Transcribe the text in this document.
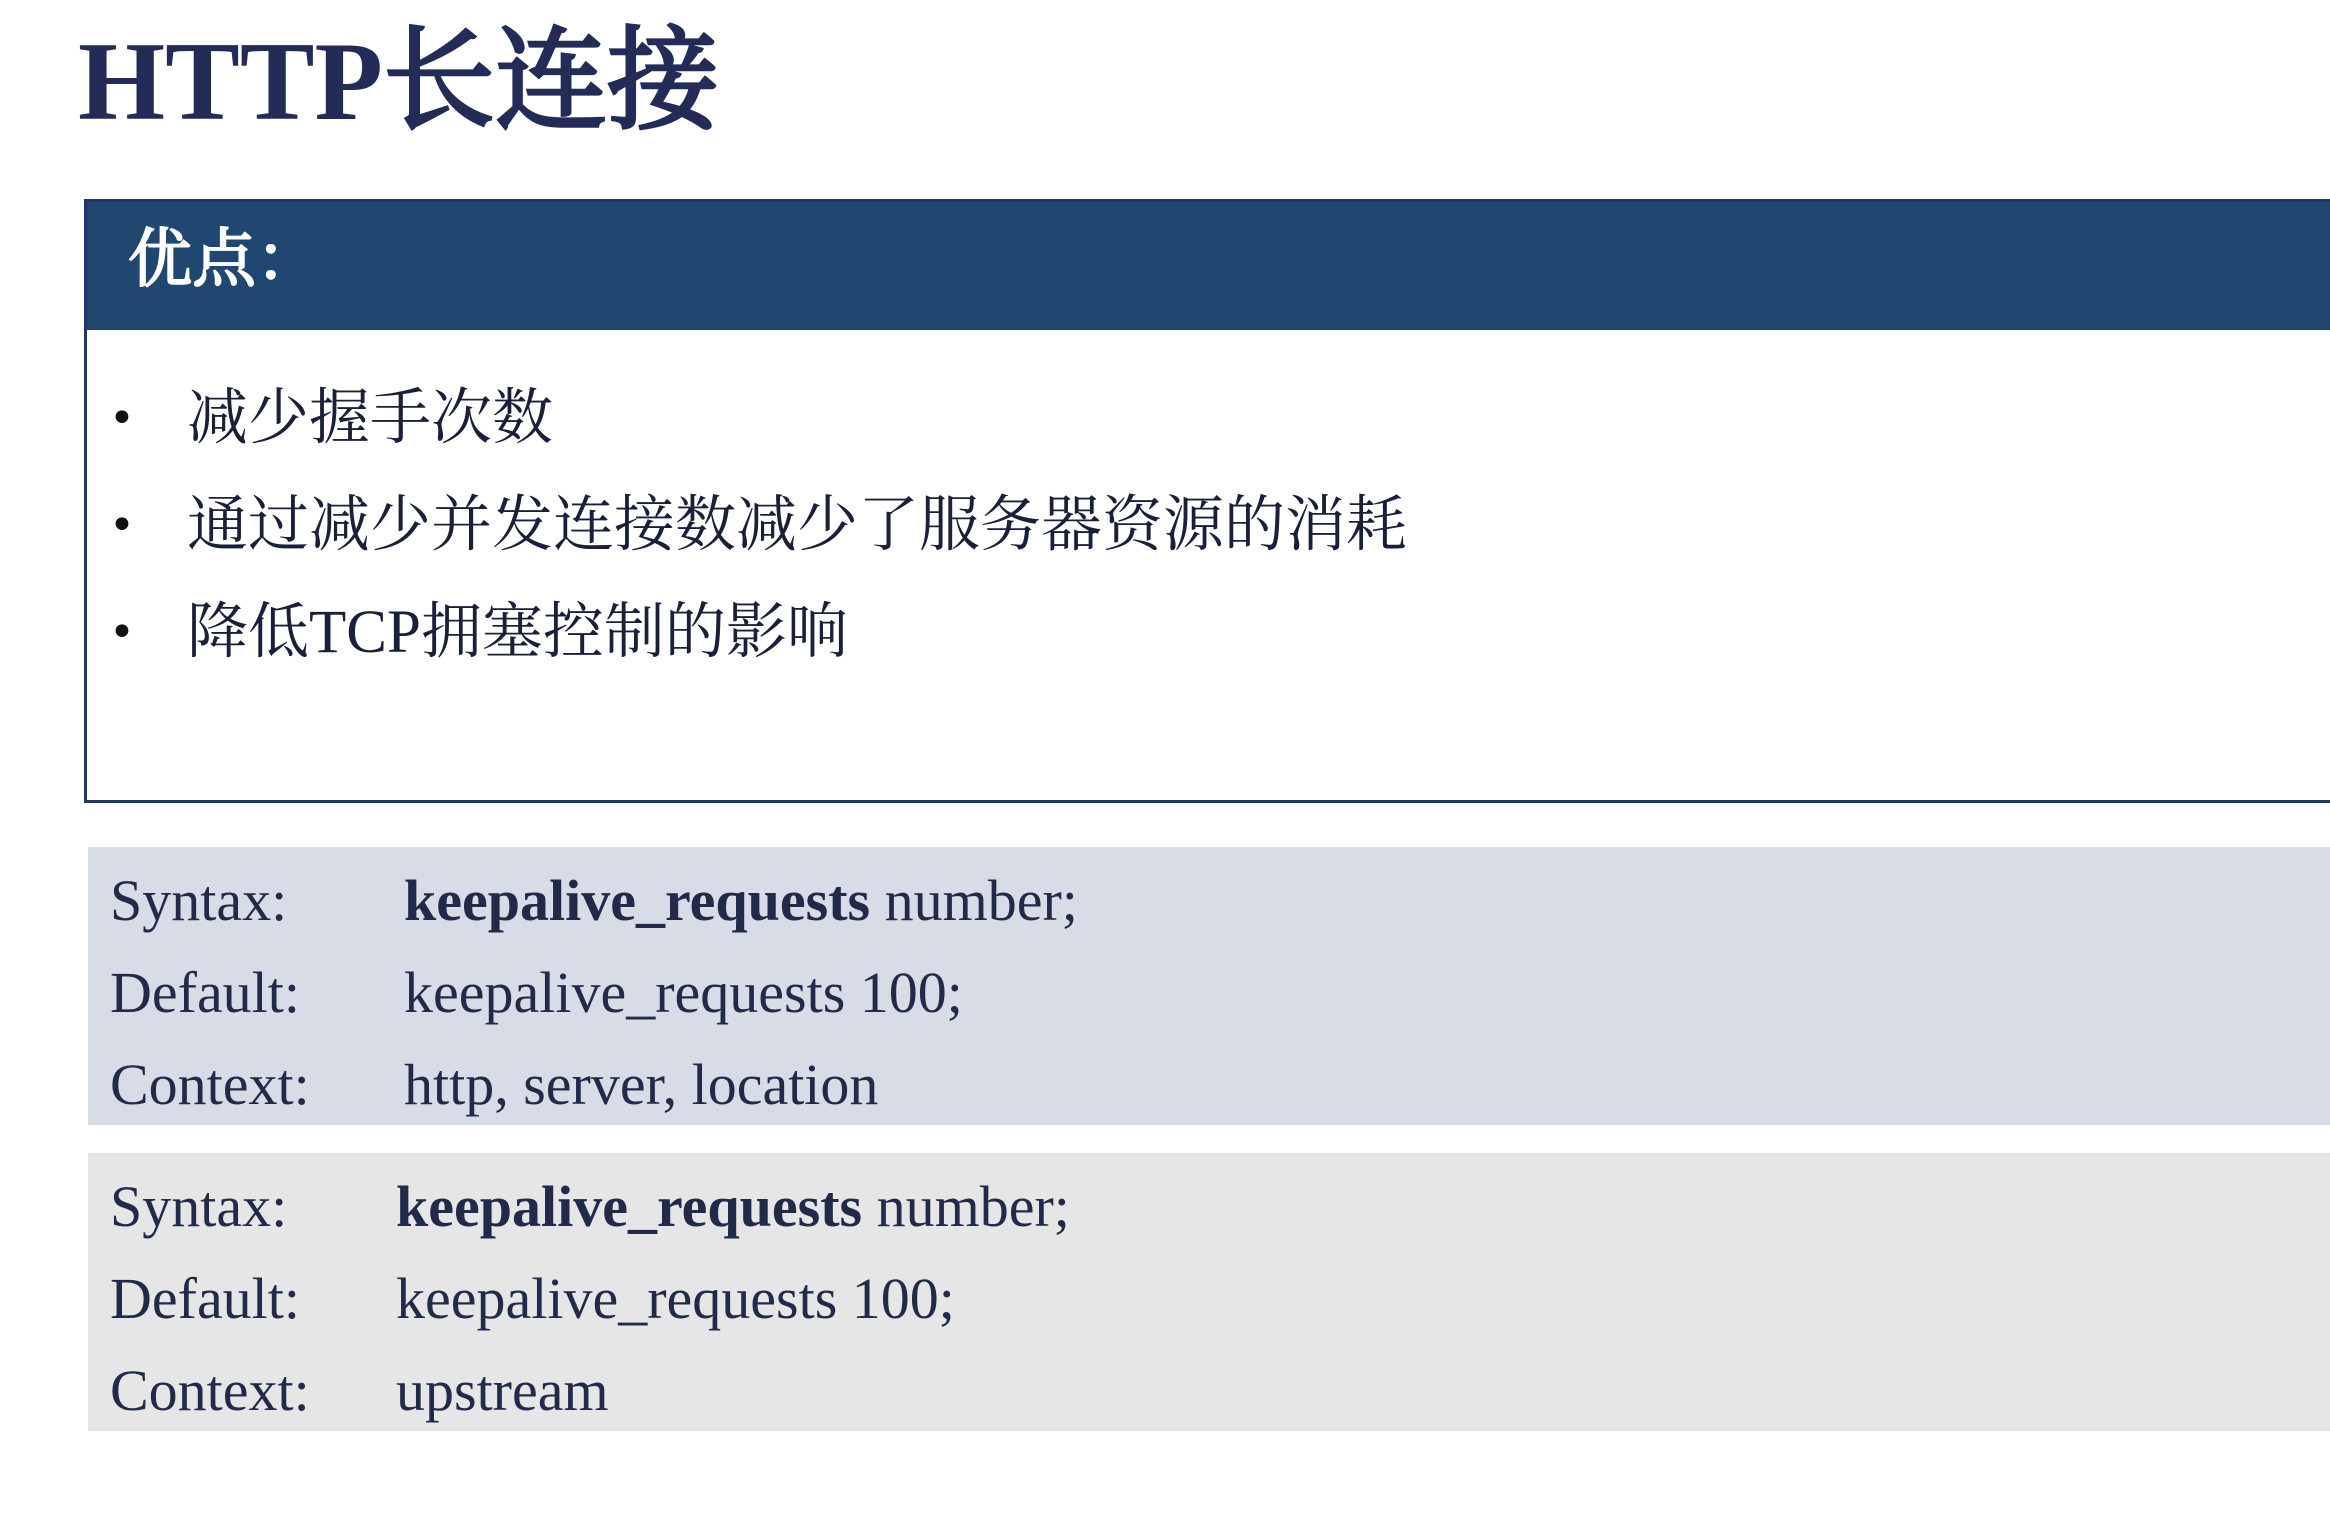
HTTP长连接
优点：
• 减少握手次数
• 通过减少并发连接数减少了服务器资源的消耗
• 降低TCP拥塞控制的影响
Syntax: keepalive_requests number;
Default: keepalive_requests 100;
Context: http, server, location
Syntax: keepalive_requests number;
Default: keepalive_requests 100;
Context: upstream
